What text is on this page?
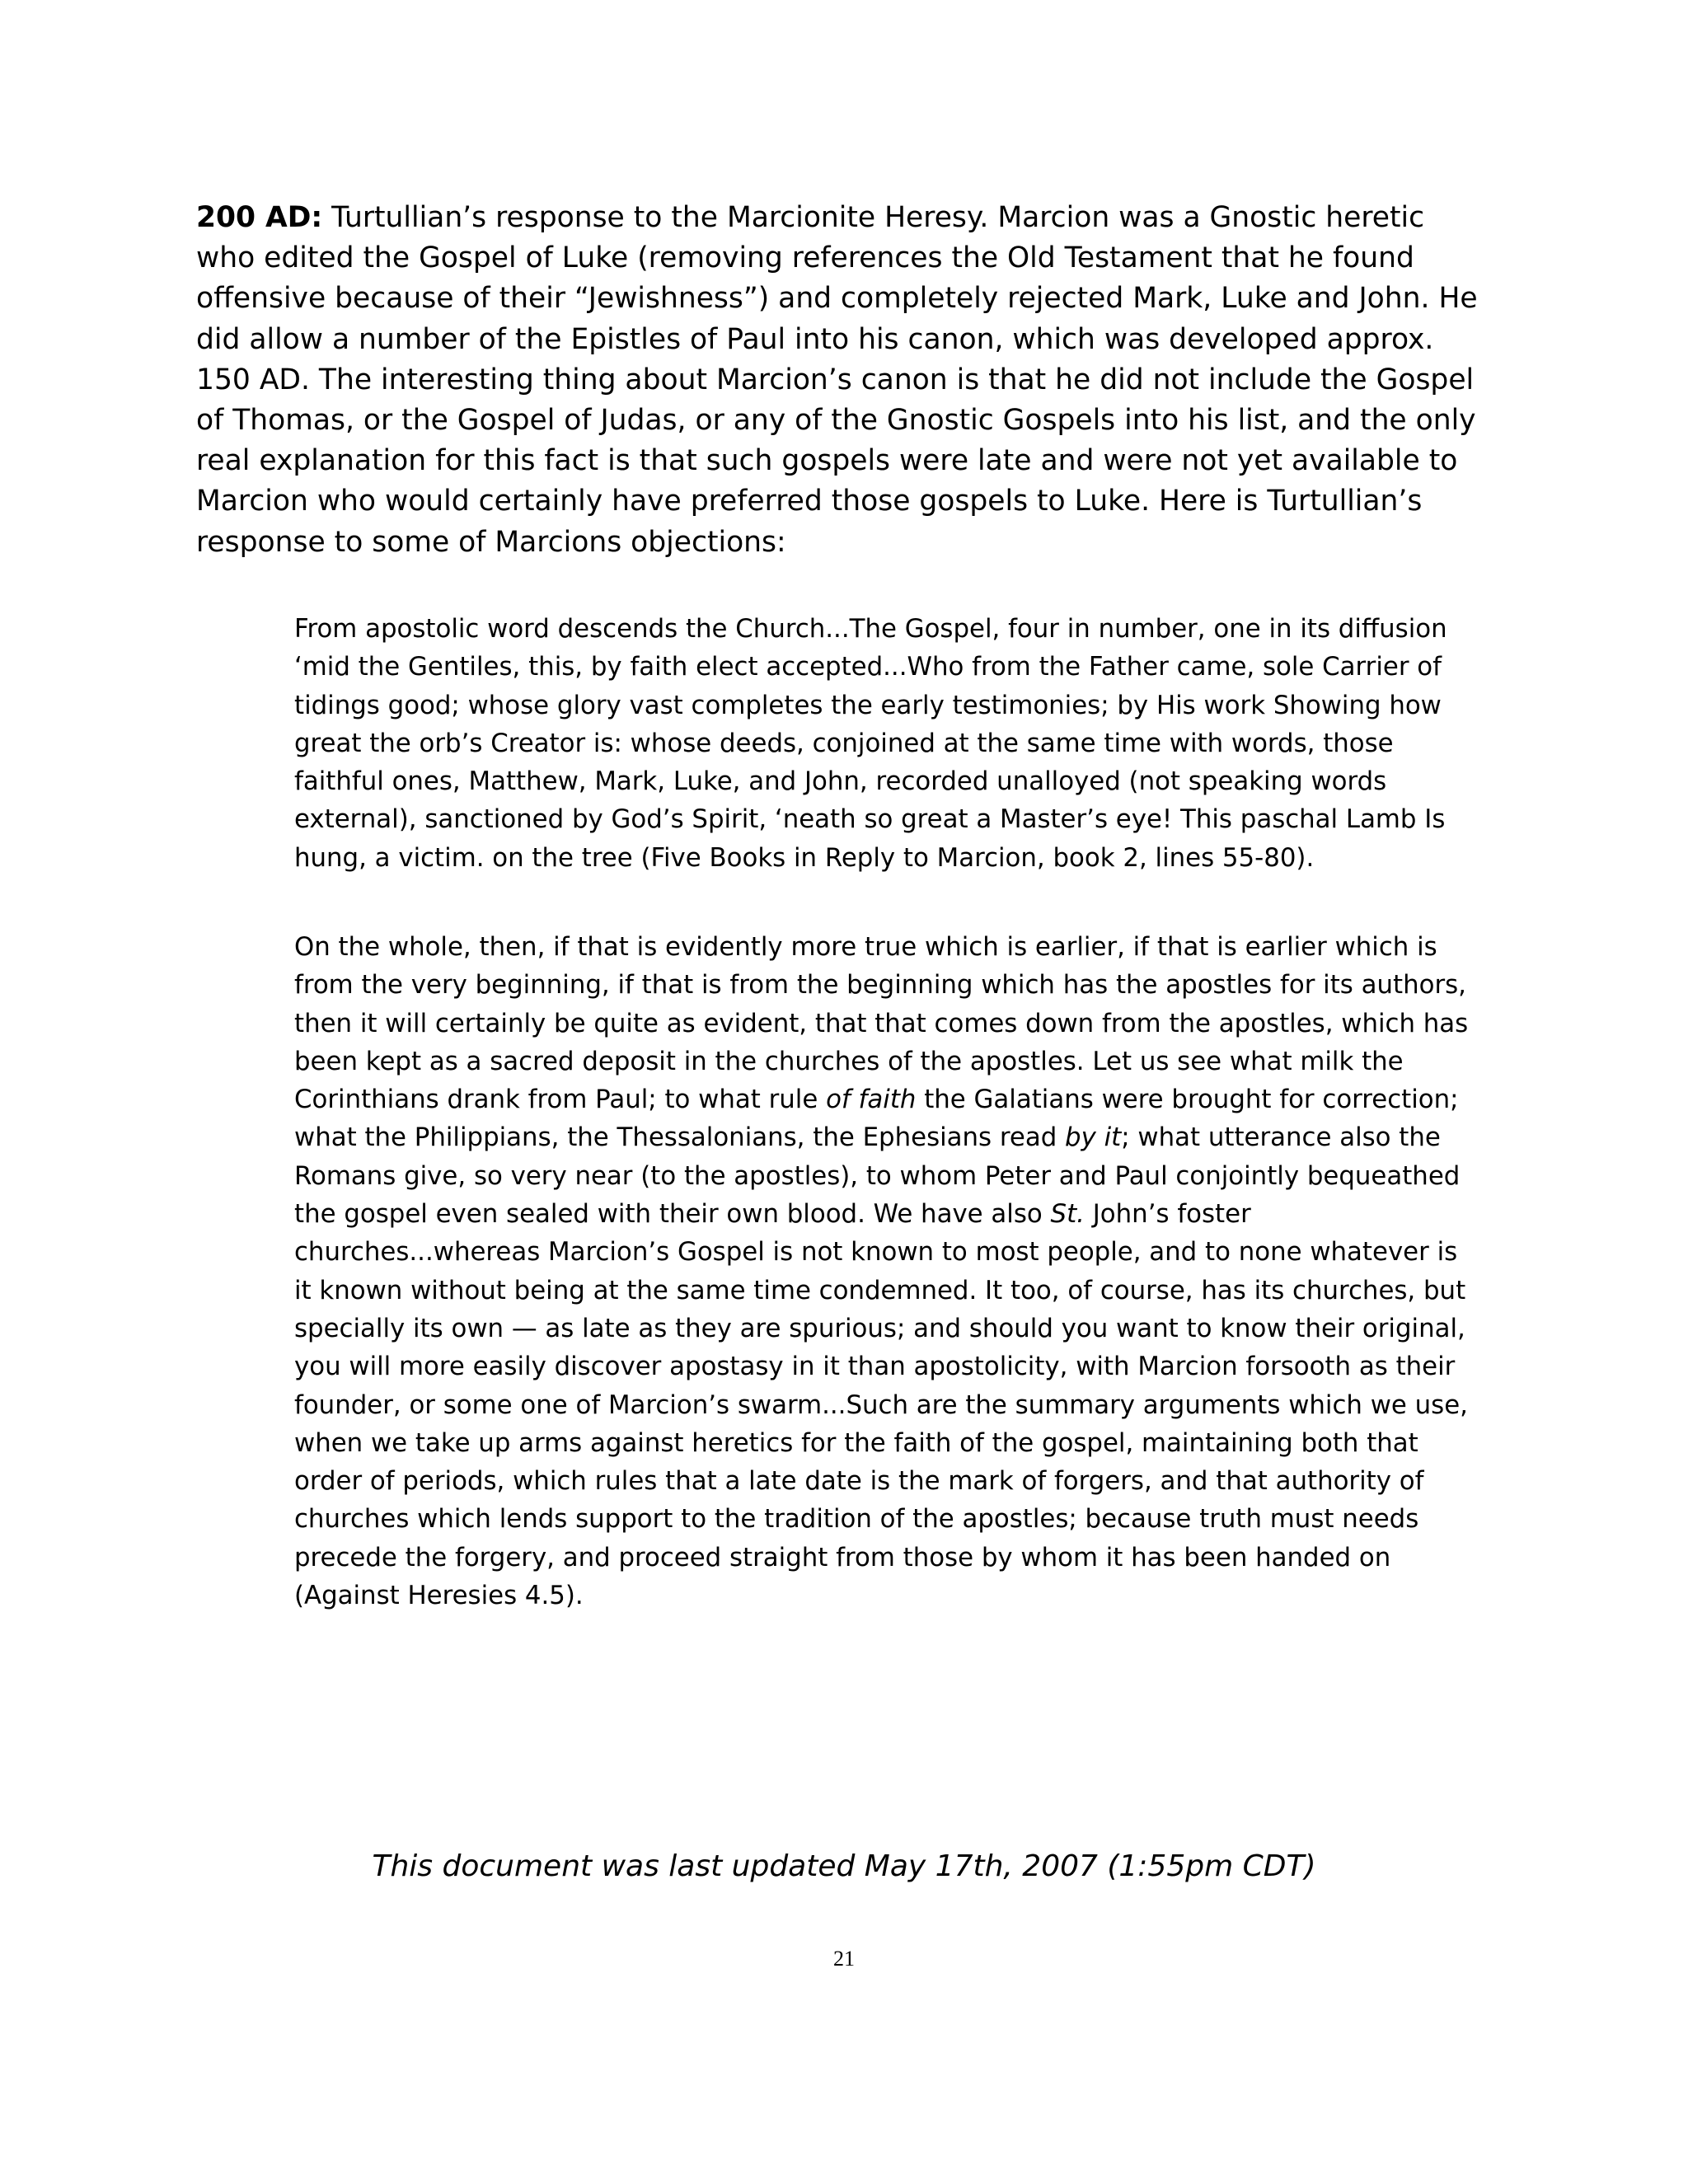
200 AD: Turtullian’s response to the Marcionite Heresy. Marcion was a Gnostic heretic who edited the Gospel of Luke (removing references the Old Testament that he found offensive because of their “Jewishness”) and completely rejected Mark, Luke and John. He did allow a number of the Epistles of Paul into his canon, which was developed approx. 150 AD. The interesting thing about Marcion’s canon is that he did not include the Gospel of Thomas, or the Gospel of Judas, or any of the Gnostic Gospels into his list, and the only real explanation for this fact is that such gospels were late and were not yet available to Marcion who would certainly have preferred those gospels to Luke. Here is Turtullian’s response to some of Marcions objections:

From apostolic word descends the Church...The Gospel, four in number, one in its diffusion ‘mid the Gentiles, this, by faith elect accepted...Who from the Father came, sole Carrier of tidings good; whose glory vast completes the early testimonies; by His work Showing how great the orb’s Creator is: whose deeds, conjoined at the same time with words, those faithful ones, Matthew, Mark, Luke, and John, recorded unalloyed (not speaking words external), sanctioned by God’s Spirit, ‘neath so great a Master’s eye! This paschal Lamb Is hung, a victim. on the tree (Five Books in Reply to Marcion, book 2, lines 55-80).

On the whole, then, if that is evidently more true which is earlier, if that is earlier which is from the very beginning, if that is from the beginning which has the apostles for its authors, then it will certainly be quite as evident, that that comes down from the apostles, which has been kept as a sacred deposit in the churches of the apostles. Let us see what milk the Corinthians drank from Paul; to what rule of faith the Galatians were brought for correction; what the Philippians, the Thessalonians, the Ephesians read by it; what utterance also the Romans give, so very near (to the apostles), to whom Peter and Paul conjointly bequeathed the gospel even sealed with their own blood. We have also St. John’s foster churches...whereas Marcion’s Gospel is not known to most people, and to none whatever is it known without being at the same time condemned. It too, of course, has its churches, but specially its own — as late as they are spurious; and should you want to know their original, you will more easily discover apostasy in it than apostolicity, with Marcion forsooth as their founder, or some one of Marcion’s swarm...Such are the summary arguments which we use, when we take up arms against heretics for the faith of the gospel, maintaining both that order of periods, which rules that a late date is the mark of forgers, and that authority of churches which lends support to the tradition of the apostles; because truth must needs precede the forgery, and proceed straight from those by whom it has been handed on (Against Heresies 4.5).

This document was last updated May 17th, 2007 (1:55pm CDT)

21
